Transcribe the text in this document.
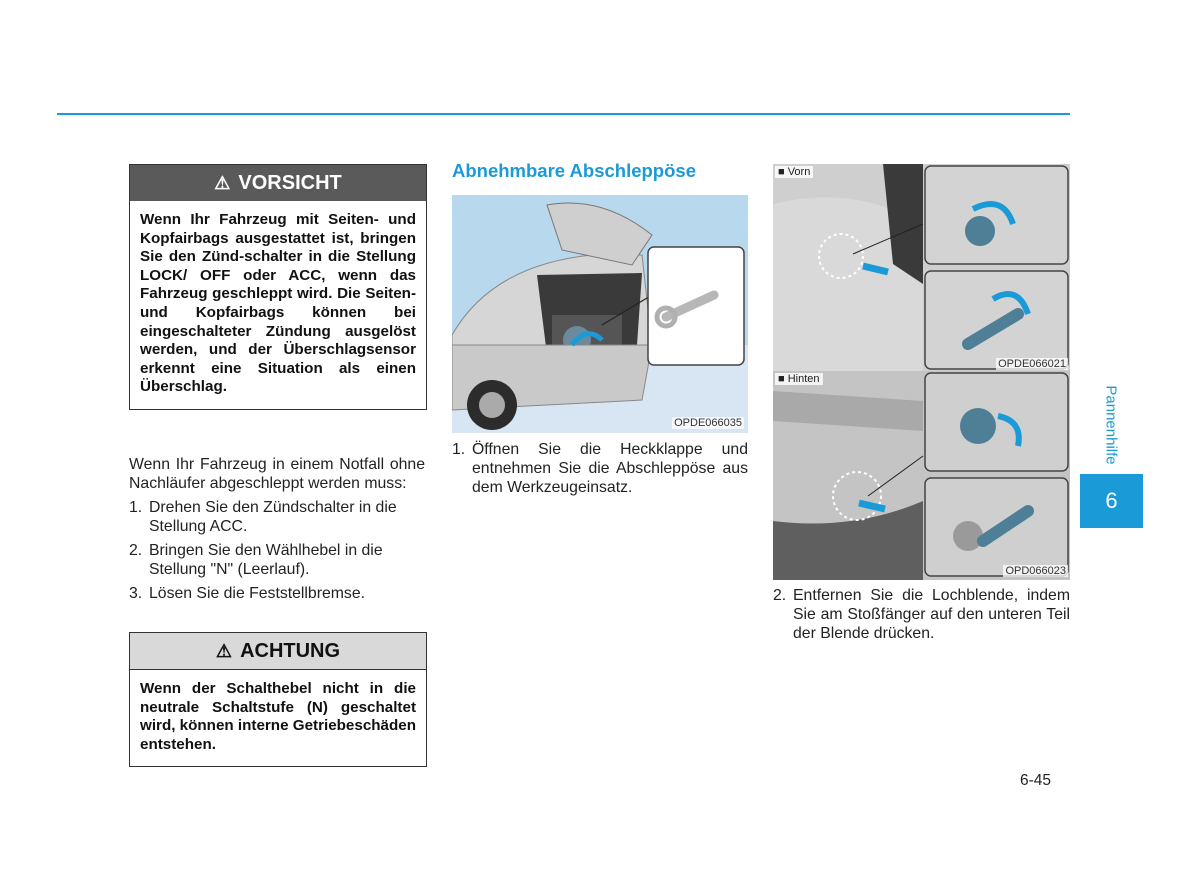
⚠ VORSICHT
Wenn Ihr Fahrzeug mit Seiten- und Kopfairbags ausgestattet ist, bringen Sie den Zünd-schalter in die Stellung LOCK/ OFF oder ACC, wenn das Fahrzeug geschleppt wird. Die Seiten- und Kopfairbags können bei eingeschalteter Zündung ausgelöst werden, und der Überschlagsensor erkennt eine Situation als einen Überschlag.
Wenn Ihr Fahrzeug in einem Notfall ohne Nachläufer abgeschleppt werden muss:
1. Drehen Sie den Zündschalter in die Stellung ACC.
2. Bringen Sie den Wählhebel in die Stellung "N" (Leerlauf).
3. Lösen Sie die Feststellbremse.
⚠ ACHTUNG
Wenn der Schalthebel nicht in die neutrale Schaltstufe (N) geschaltet wird, können interne Getriebeschäden entstehen.
Abnehmbare Abschleppöse
OPDE066035
1. Öffnen Sie die Heckklappe und entnehmen Sie die Abschleppöse aus dem Werkzeugeinsatz.
■ Vorn
OPDE066021
■ Hinten
OPD066023
2. Entfernen Sie die Lochblende, indem Sie am Stoßfänger auf den unteren Teil der Blende drücken.
Pannenhilfe
6
6-45
